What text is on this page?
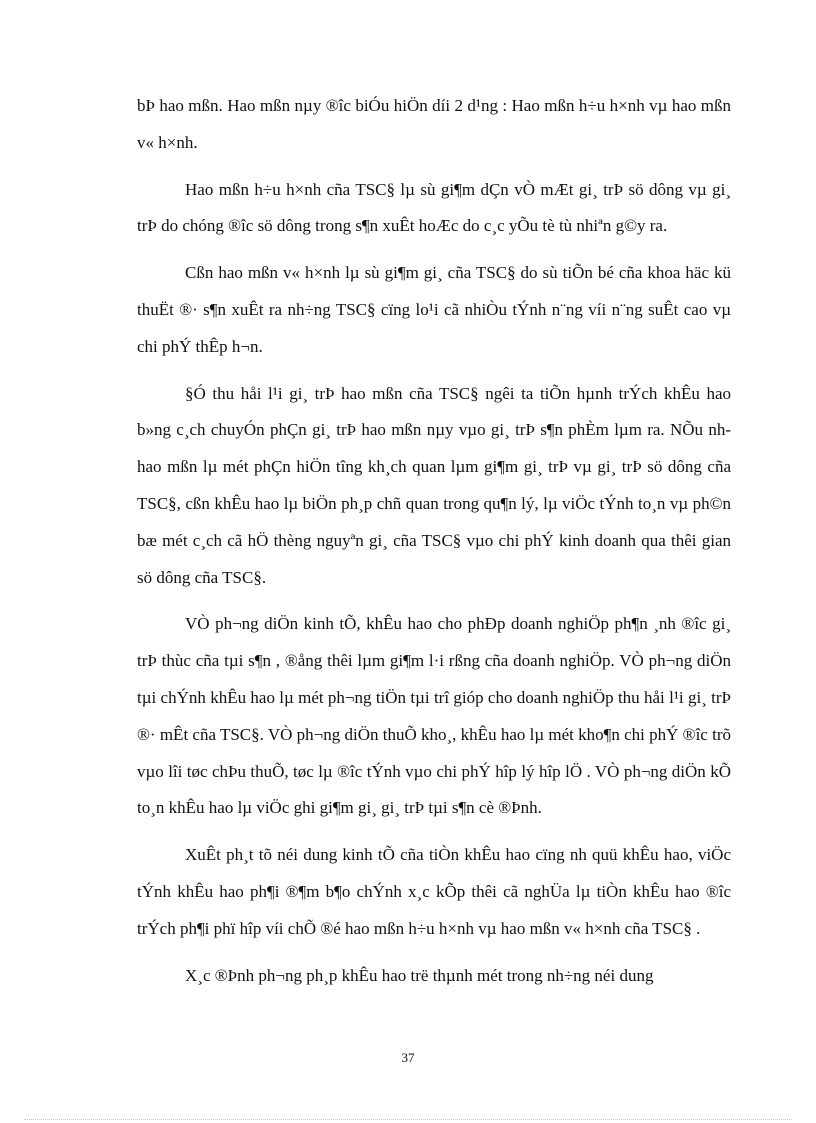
bÞ hao mßn. Hao mßn nµy ®îc biÓu hiÖn díi 2 d¹ng : Hao mßn h÷u h×nh vµ hao mßn v« h×nh.

Hao mßn h÷u h×nh cña TSC§ lµ sù gi¶m dÇn vÒ mÆt gi¸ trÞ sö dông vµ gi¸ trÞ do chóng ®îc sö dông trong s¶n xuÊt hoÆc do c¸c yÕu tè tù nhiªn g©y ra.

Cßn hao mßn v« h×nh lµ sù gi¶m gi¸ cña TSC§ do sù tiÕn bé cña khoa häc kü thuËt ®· s¶n xuÊt ra nh÷ng TSC§ cïng lo¹i cã nhiÒu tÝnh n¨ng víi n¨ng suÊt cao vµ chi phÝ thÊp h¬n.

§Ó thu håi l¹i gi¸ trÞ hao mßn cña TSC§ ngêi ta tiÕn hµnh trÝch khÊu hao b»ng c¸ch chuyÓn phÇn gi¸ trÞ hao mßn nµy vµo gi¸ trÞ s¶n phÈm lµm ra. NÕu nh hao mßn lµ mét phÇn hiÖn tîng kh¸ch quan lµm gi¶m gi¸ trÞ vµ gi¸ trÞ sö dông cña TSC§, cßn khÊu hao lµ biÖn ph¸p chñ quan trong qu¶n lý, lµ viÖc tÝnh to¸n vµ ph©n bæ mét c¸ch cã hÖ thèng nguyªn gi¸ cña TSC§ vµo chi phÝ kinh doanh qua thêi gian sö dông cña TSC§.

VÒ ph¬ng diÖn kinh tÕ, khÊu hao cho phÐp doanh nghiÖp ph¶n ¸nh ®îc gi¸ trÞ thùc cña tµi s¶n , ®ång thêi lµm gi¶m l·i rßng cña doanh nghiÖp. VÒ ph¬ng diÖn tµi chÝnh khÊu hao lµ mét ph¬ng tiÖn tµi trî gióp cho doanh nghiÖp thu håi l¹i gi¸ trÞ ®· mÊt cña TSC§. VÒ ph¬ng diÖn thuÕ kho¸, khÊu hao lµ mét kho¶n chi phÝ ®îc trõ vµo lîi tøc chÞu thuÕ, tøc lµ ®îc tÝnh vµo chi phÝ hîp lý hîp lÖ . VÒ ph¬ng diÖn kÕ to¸n khÊu hao lµ viÖc ghi gi¶m gi¸ gi¸ trÞ tµi s¶n cè ®Þnh.

XuÊt ph¸t tõ néi dung kinh tÕ cña tiÒn khÊu hao cïng nh quü khÊu hao, viÖc tÝnh khÊu hao ph¶i ®¶m b¶o chÝnh x¸c kÕp thêi cã nghÜa lµ tiÒn khÊu hao ®îc trÝch ph¶i phï hîp víi chÕ ®é hao mßn h÷u h×nh vµ hao mßn v« h×nh cña TSC§ .

X¸c ®Þnh ph¬ng ph¸p khÊu hao trë thµnh mét trong nh÷ng néi dung

37
